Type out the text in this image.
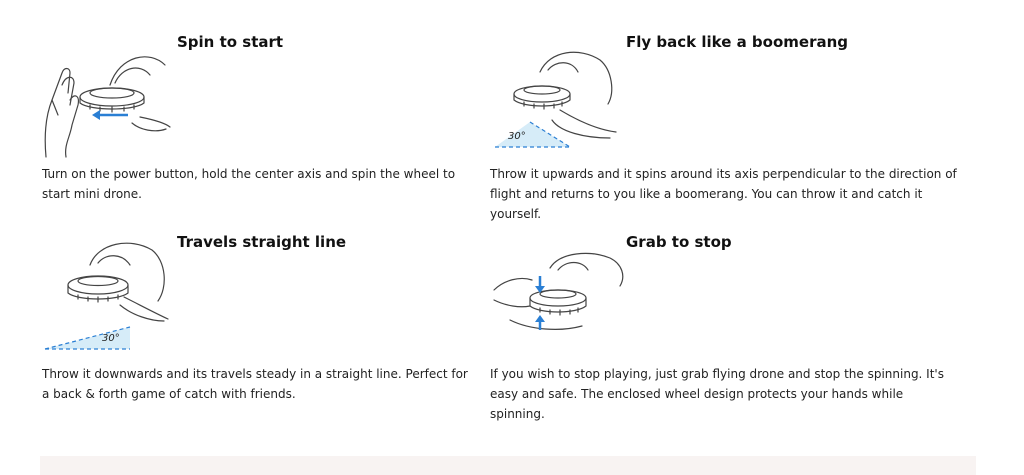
Spin to start
Turn on the power button, hold the center axis and spin the wheel to start mini drone.
30°
Fly back like a boomerang
Throw it upwards and it spins around its axis perpendicular to the direction of flight and returns to you like a boomerang. You can throw it and catch it yourself.
30°
Travels straight line
Throw it downwards and its travels steady in a straight line. Perfect for a back & forth game of catch with friends.
Grab to stop
If you wish to stop playing, just grab flying drone and stop the spinning. It's easy and safe. The enclosed wheel design protects your hands while spinning.
